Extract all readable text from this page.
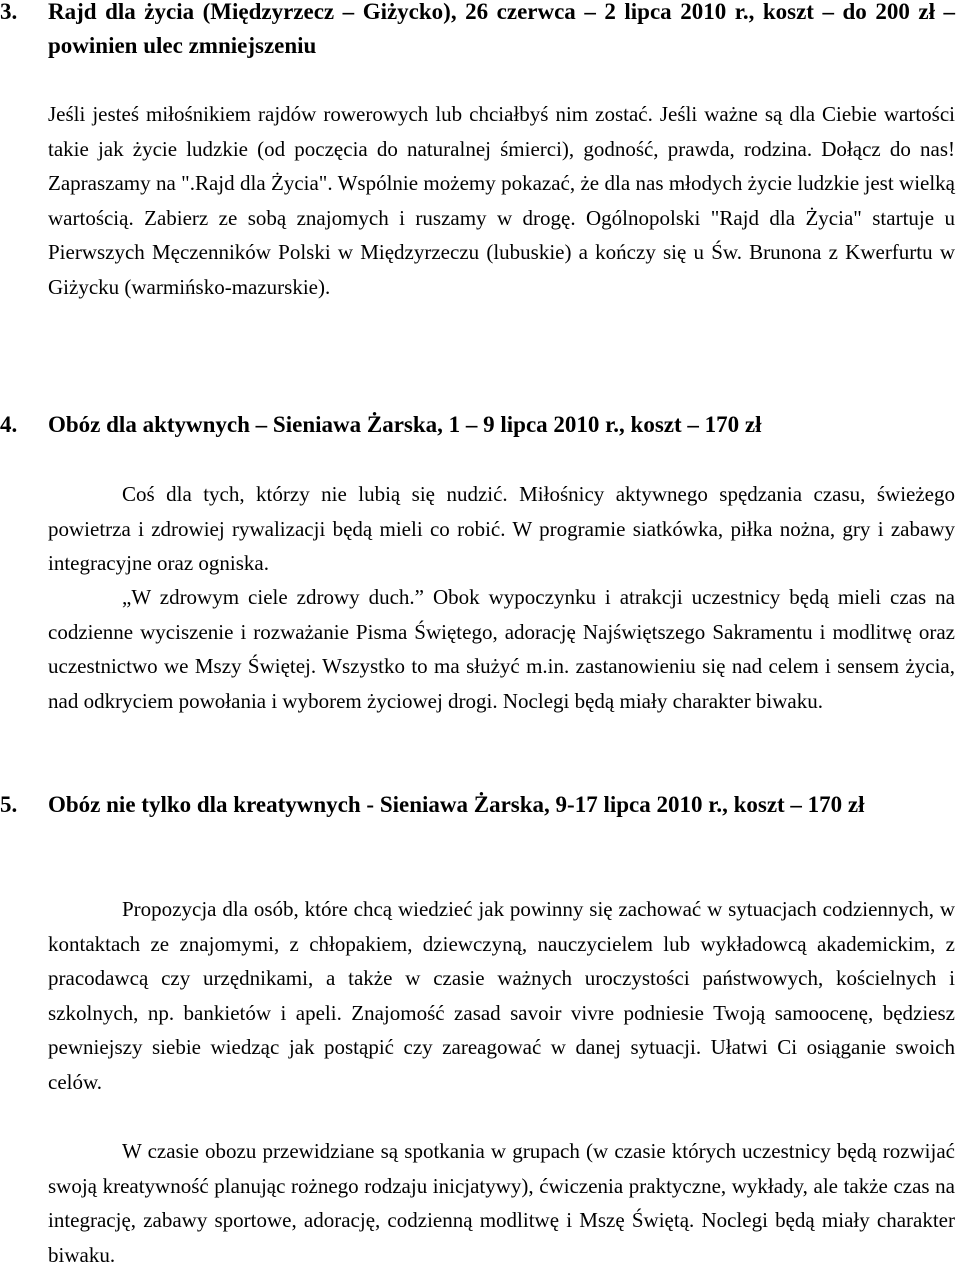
3. Rajd dla życia (Międzyrzecz – Giżycko), 26 czerwca – 2 lipca 2010 r., koszt – do 200 zł – powinien ulec zmniejszeniu

Jeśli jesteś miłośnikiem rajdów rowerowych lub chciałbyś nim zostać. Jeśli ważne są dla Ciebie wartości takie jak życie ludzkie (od poczęcia do naturalnej śmierci), godność, prawda, rodzina. Dołącz do nas! Zapraszamy na ".Rajd dla Życia". Wspólnie możemy pokazać, że dla nas młodych życie ludzkie jest wielką wartością. Zabierz ze sobą znajomych i ruszamy w drogę. Ogólnopolski "Rajd dla Życia" startuje u Pierwszych Męczenników Polski w Międzyrzeczu (lubuskie) a kończy się u Św. Brunona z Kwerfurtu w Giżycku (warmińsko-mazurskie).

4. Obóz dla aktywnych – Sieniawa Żarska, 1 – 9 lipca 2010 r., koszt – 170 zł

Coś dla tych, którzy nie lubią się nudzić. Miłośnicy aktywnego spędzania czasu, świeżego powietrza i zdrowiej rywalizacji będą mieli co robić. W programie siatkówka, piłka nożna, gry i zabawy integracyjne oraz ogniska.

„W zdrowym ciele zdrowy duch.” Obok wypoczynku i atrakcji uczestnicy będą mieli czas na codzienne wyciszenie i rozważanie Pisma Świętego, adorację Najświętszego Sakramentu i modlitwę oraz uczestnictwo we Mszy Świętej. Wszystko to ma służyć m.in. zastanowieniu się nad celem i sensem życia, nad odkryciem powołania i wyborem życiowej drogi. Noclegi będą miały charakter biwaku.

5. Obóz nie tylko dla kreatywnych - Sieniawa Żarska, 9-17 lipca 2010 r., koszt – 170 zł

Propozycja dla osób, które chcą wiedzieć jak powinny się zachować w sytuacjach codziennych, w kontaktach ze znajomymi, z chłopakiem, dziewczyną, nauczycielem lub wykładowcą akademickim, z pracodawcą czy urzędnikami, a także w czasie ważnych uroczystości państwowych, kościelnych i szkolnych, np. bankietów i apeli. Znajomość zasad savoir vivre podniesie Twoją samoocenę, będziesz pewniejszy siebie wiedząc jak postąpić czy zareagować w danej sytuacji. Ułatwi Ci osiąganie swoich celów.

W czasie obozu przewidziane są spotkania w grupach (w czasie których uczestnicy będą rozwijać swoją kreatywność planując rożnego rodzaju inicjatywy), ćwiczenia praktyczne, wykłady, ale także czas na integrację, zabawy sportowe, adorację, codzienną modlitwę i Mszę Świętą. Noclegi będą miały charakter biwaku.
